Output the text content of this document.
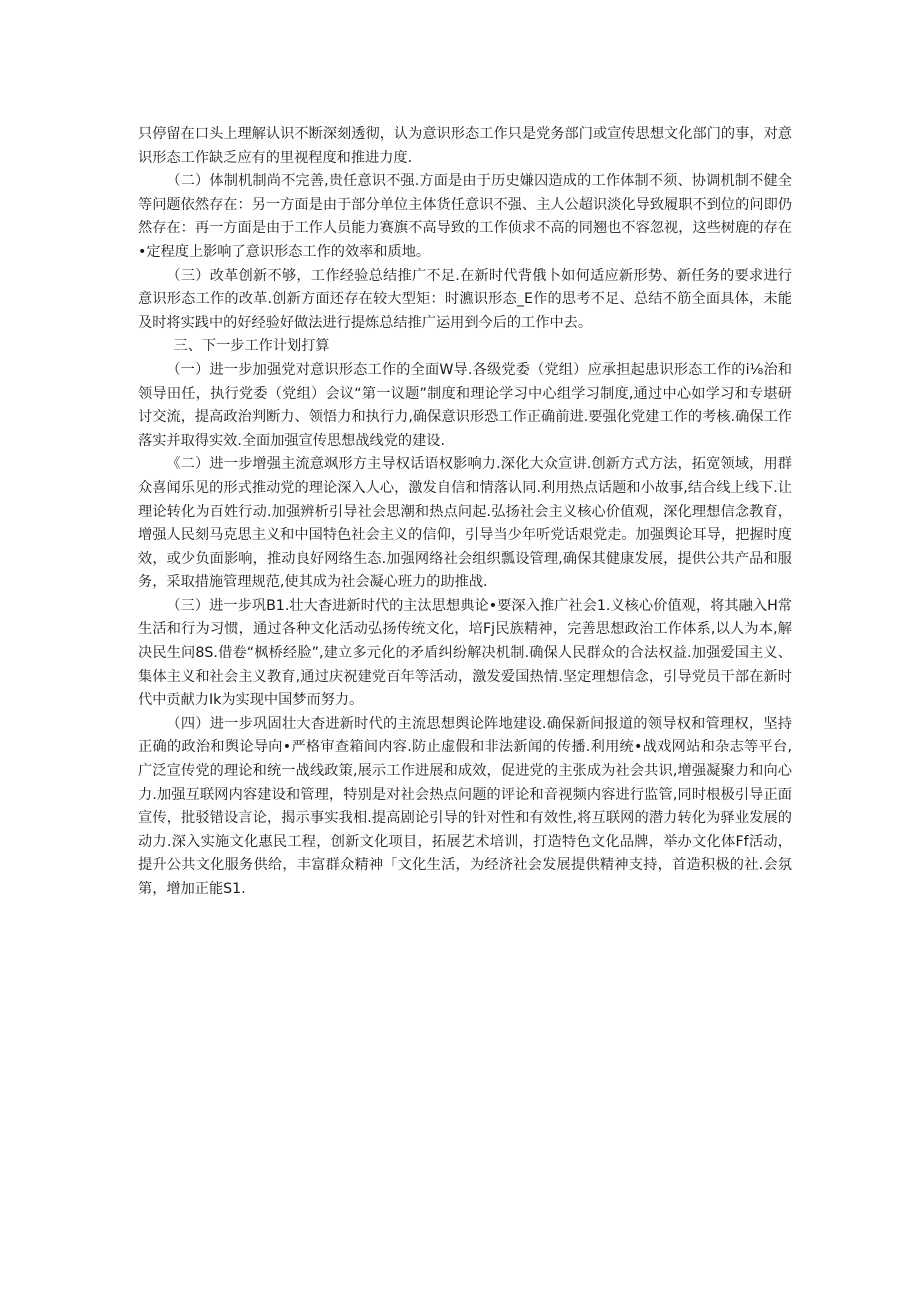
只停留在口头上理解认识不断深刻透彻，认为意识形态工作只是党务部门或宣传思想文化部门的事，对意识形态工作缺乏应有的里视程度和推进力度.

（二）体制机制尚不完善,贵任意识不强.方面是由于历史嫌囚造成的工作体制不须、协调机制不健全等问题依然存在：另一方面是由于部分单位主体货任意识不强、主人公超识淡化导致履职不到位的问即仍然存在：再一方面是由于工作人员能力赛旗不高导致的工作侦求不高的同翘也不容忽视，这些树鹿的存在•定程度上影响了意识形态工作的效率和质地。

（三）改革创新不够，工作经验总结推广不足.在新时代背俄卜如何适应新形势、新任务的要求进行意识形态工作的改革.创新方面还存在较大型矩：时瀌识形态_E作的思考不足、总结不筋全面具体，未能及时将实践中的好经验好做法进行提炼总结推广运用到今后的工作中去。

三、下一步工作计划打算

（一）进一步加强党对意识形态工作的全面W导.各级党委（党组）应承担起患识形态工作的i⅛治和领导田任，执行党委（党组）会议“第一议题”制度和理论学习中心组学习制度,通过中心如学习和专堪研讨交流，提高政治判断力、领悟力和执行力,确保意识形恐工作正确前进.要强化党建工作的考核.确保工作落实并取得实效.全面加强宣传思想战线党的建设.

《二）进一步增强主流意飒形方主导权话语权影响力.深化大众宣讲.创新方式方法，拓宽领域，用群众喜闻乐见的形式推动党的理论深入人心，激发自信和情落认同.利用热点话题和小故事,结合线上线下.让理论转化为百姓行动.加强辨析引导社会思潮和热点问起.弘扬社会主义核心价值观，深化理想信念教育，增强人民刻马克思主义和中国特色社会主义的信仰，引导当少年听党话艰党走。加强舆论耳导，把握时度效，或少负面影响，推动良好网络生态.加强网络社会组织瓢设管理,确保其健康发展，提供公共产品和服务，采取措施管理规范,使其成为社会凝心班力的助推战.

（三）进一步巩B1.壮大杳进新时代的主汰思想典论•要深入推广社会1.义核心价值观，将其融入H常生活和行为习惯，通过各种文化活动弘扬传统文化，培Fj民族精神，完善思想政治工作体系,以人为本,解决民生问8S.借卷“枫桥经脸”,建立多元化的矛盾纠纷解决机制.确保人民群众的合法权益.加强爱国主义、集体主义和社会主义教育,通过庆祝建党百年等活动，激发爱国热情.坚定理想信念，引导党员干部在新时代中贡献力Ik为实现中国梦而努力。

（四）进一步巩固壮大杳进新时代的主流思想舆论阵地建设.确保新间报道的领导权和管理权，坚持正确的政治和舆论导向•严格审查箱间内容.防止虚假和非法新闻的传播.利用统•战戏网站和杂志等平台,广泛宣传党的理论和统一战线政策,展示工作进展和成效，促进党的主张成为社会共识,增强凝聚力和向心力.加强互联网内容建设和管理，特别是对社会热点问题的评论和音视频内容进行监管,同时根极引导正面宣传，批驳错设言论，揭示事实我相.提高剧论引导的针对性和有效性,将互联网的潜力转化为驿业发展的动力.深入实施文化惠民工程，创新文化项目，拓展艺术培训，打造特色文化品牌，举办文化体Ff活动，提升公共文化服务供给，丰富群众精神「文化生活，为经济社会发展提供精神支持，首造积极的社.会氛第，增加正能S1.
